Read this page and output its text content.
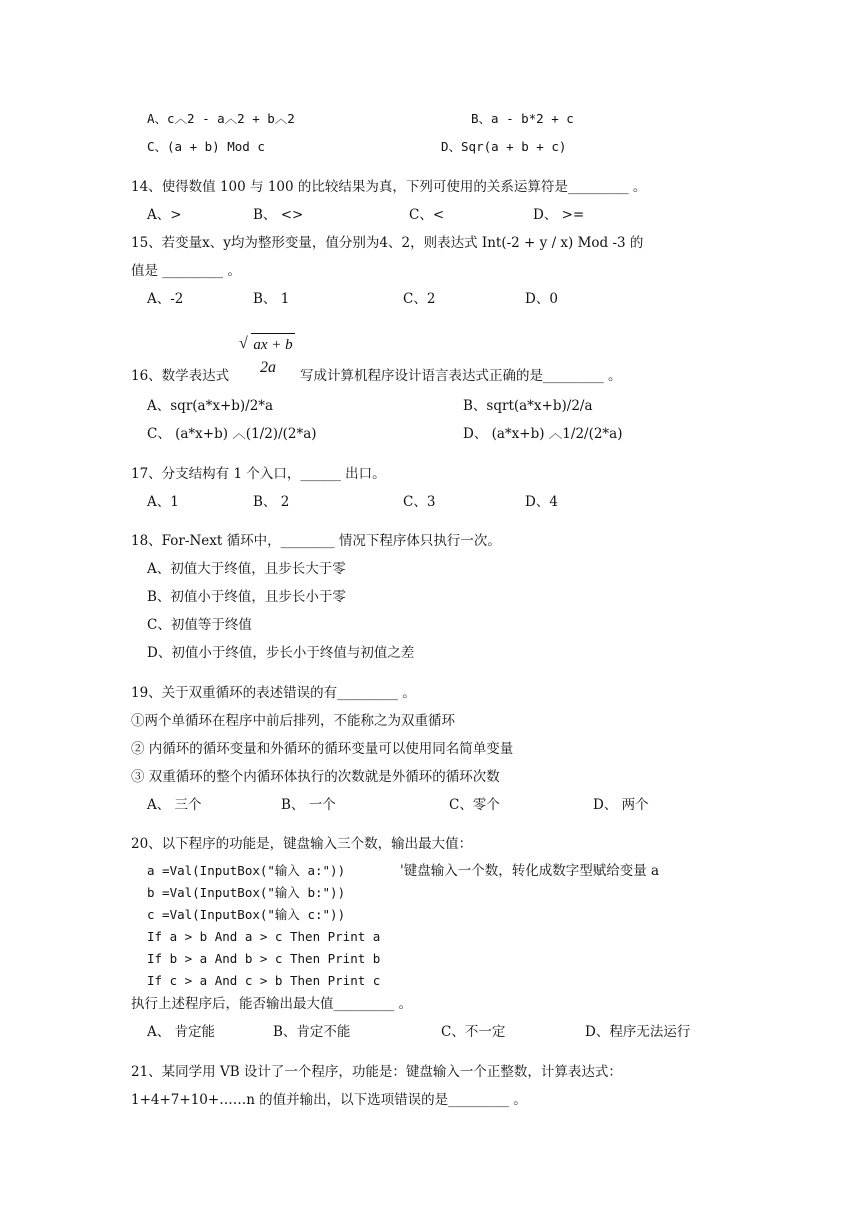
A、c︿2 - a︿2 + b︿2	B、a - b*2 + c
C、(a + b) Mod c	D、Sqr(a + b + c)
14、使得数值 100 与 100 的比较结果为真，下列可使用的关系运算符是_________ 。
A、>	B、 <>	C、<	D、 >=
15、若变量x、y均为整形变量，值分别为4、2，则表达式 Int(-2 + y / x) Mod -3 的
值是 _________ 。
A、-2	B、 1	C、2	D、0
√ ax + b
2a
16、数学表达式	写成计算机程序设计语言表达式正确的是_________ 。
A、sqr(a*x+b)/2*a	B、sqrt(a*x+b)/2/a
C、 (a*x+b) ︿(1/2)/(2*a)	D、 (a*x+b) ︿1/2/(2*a)
17、分支结构有 1 个入口，______ 出口。
A、1	B、 2	C、3	D、4
18、For-Next 循环中，________ 情况下程序体只执行一次。
A、初值大于终值，且步长大于零
B、初值小于终值，且步长小于零
C、初值等于终值
D、初值小于终值，步长小于终值与初值之差
19、关于双重循环的表述错误的有_________ 。
①两个单循环在程序中前后排列，不能称之为双重循环
② 内循环的循环变量和外循环的循环变量可以使用同名简单变量
③ 双重循环的整个内循环体执行的次数就是外循环的循环次数
A、 三个	B、 一个	C、零个	D、 两个
20、以下程序的功能是，键盘输入三个数，输出最大值：
a =Val(InputBox("输入 a:"))	'键盘输入一个数，转化成数字型赋给变量 a
b =Val(InputBox("输入 b:"))
c =Val(InputBox("输入 c:"))
If a > b And a > c Then Print a
If b > a And b > c Then Print b
If c > a And c > b Then Print c
执行上述程序后，能否输出最大值_________ 。
A、 肯定能	B、肯定不能	C、不一定	D、程序无法运行
21、某同学用 VB 设计了一个程序，功能是：键盘输入一个正整数，计算表达式：
1+4+7+10+……n 的值并输出，以下选项错误的是_________ 。
